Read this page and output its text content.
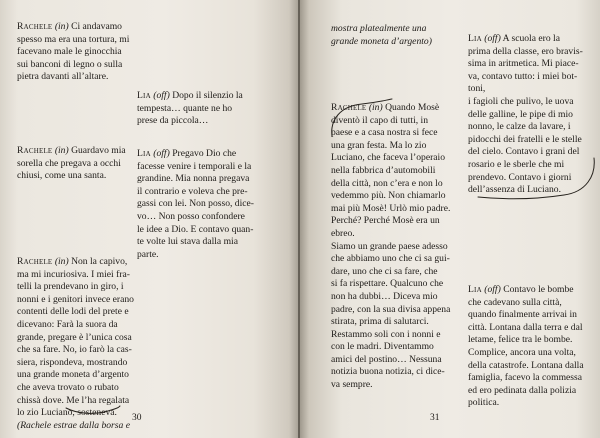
Rachele (in) Ci andavamo

spesso ma era una tortura, mi

facevano male le ginocchia

sui banconi di legno o sulla

pietra davanti all’altare.

Rachele (in) Guardavo mia

sorella che pregava a occhi

chiusi, come una santa.

Rachele (in) Non la capivo,

ma mi incuriosiva. I miei fra-

telli la prendevano in giro, i

nonni e i genitori invece erano

contenti delle lodi del prete e

dicevano: Farà la suora da

grande, pregare è l’unica cosa

che sa fare. No, io farò la cas-

siera, rispondeva, mostrando

una grande moneta d’argento

che aveva trovato o rubato

chissà dove. Me l’ha regalata

lo zio Luciano, sosteneva.

(Rachele estrae dalla borsa e

Lia (off) Dopo il silenzio la

tempesta… quante ne ho

prese da piccola…

Lia (off) Pregavo Dio che

facesse venire i temporali e la

grandine. Mia nonna pregava

il contrario e voleva che pre-

gassi con lei. Non posso, dice-

vo… Non posso confondere

le idee a Dio. E contavo quan-

te volte lui stava dalla mia

parte.

30

mostra platealmente una

grande moneta d’argento)

Rachele (in) Quando Mosè

diventò il capo di tutti, in

paese e a casa nostra si fece

una gran festa. Ma lo zio

Luciano, che faceva l’operaio

nella fabbrica d’automobili

della città, non c’era e non lo

vedemmo più. Non chiamarlo

mai più Mosè! Urlò mio padre.

Perché? Perché Mosè era un

ebreo.

Siamo un grande paese adesso

che abbiamo uno che ci sa gui-

dare, uno che ci sa fare, che

si fa rispettare. Qualcuno che

non ha dubbi… Diceva mio

padre, con la sua divisa appena

stirata, prima di salutarci.

Restammo soli con i nonni e

con le madri. Diventammo

amici del postino… Nessuna

notizia buona notizia, ci dice-

va sempre.

Lia (off) A scuola ero la

prima della classe, ero bravis-

sima in aritmetica. Mi piace-

va, contavo tutto: i miei bot-

toni,

i fagioli che pulivo, le uova

delle galline, le pipe di mio

nonno, le calze da lavare, i

pidocchi dei fratelli e le stelle

del cielo. Contavo i grani del

rosario e le sberle che mi

prendevo. Contavo i giorni

dell’assenza di Luciano.

Lia (off) Contavo le bombe

che cadevano sulla città,

quando finalmente arrivai in

città. Lontana dalla terra e dal

letame, felice tra le bombe.

Complice, ancora una volta,

della catastrofe. Lontana dalla

famiglia, facevo la commessa

ed ero pedinata dalla polizia

politica.

31
